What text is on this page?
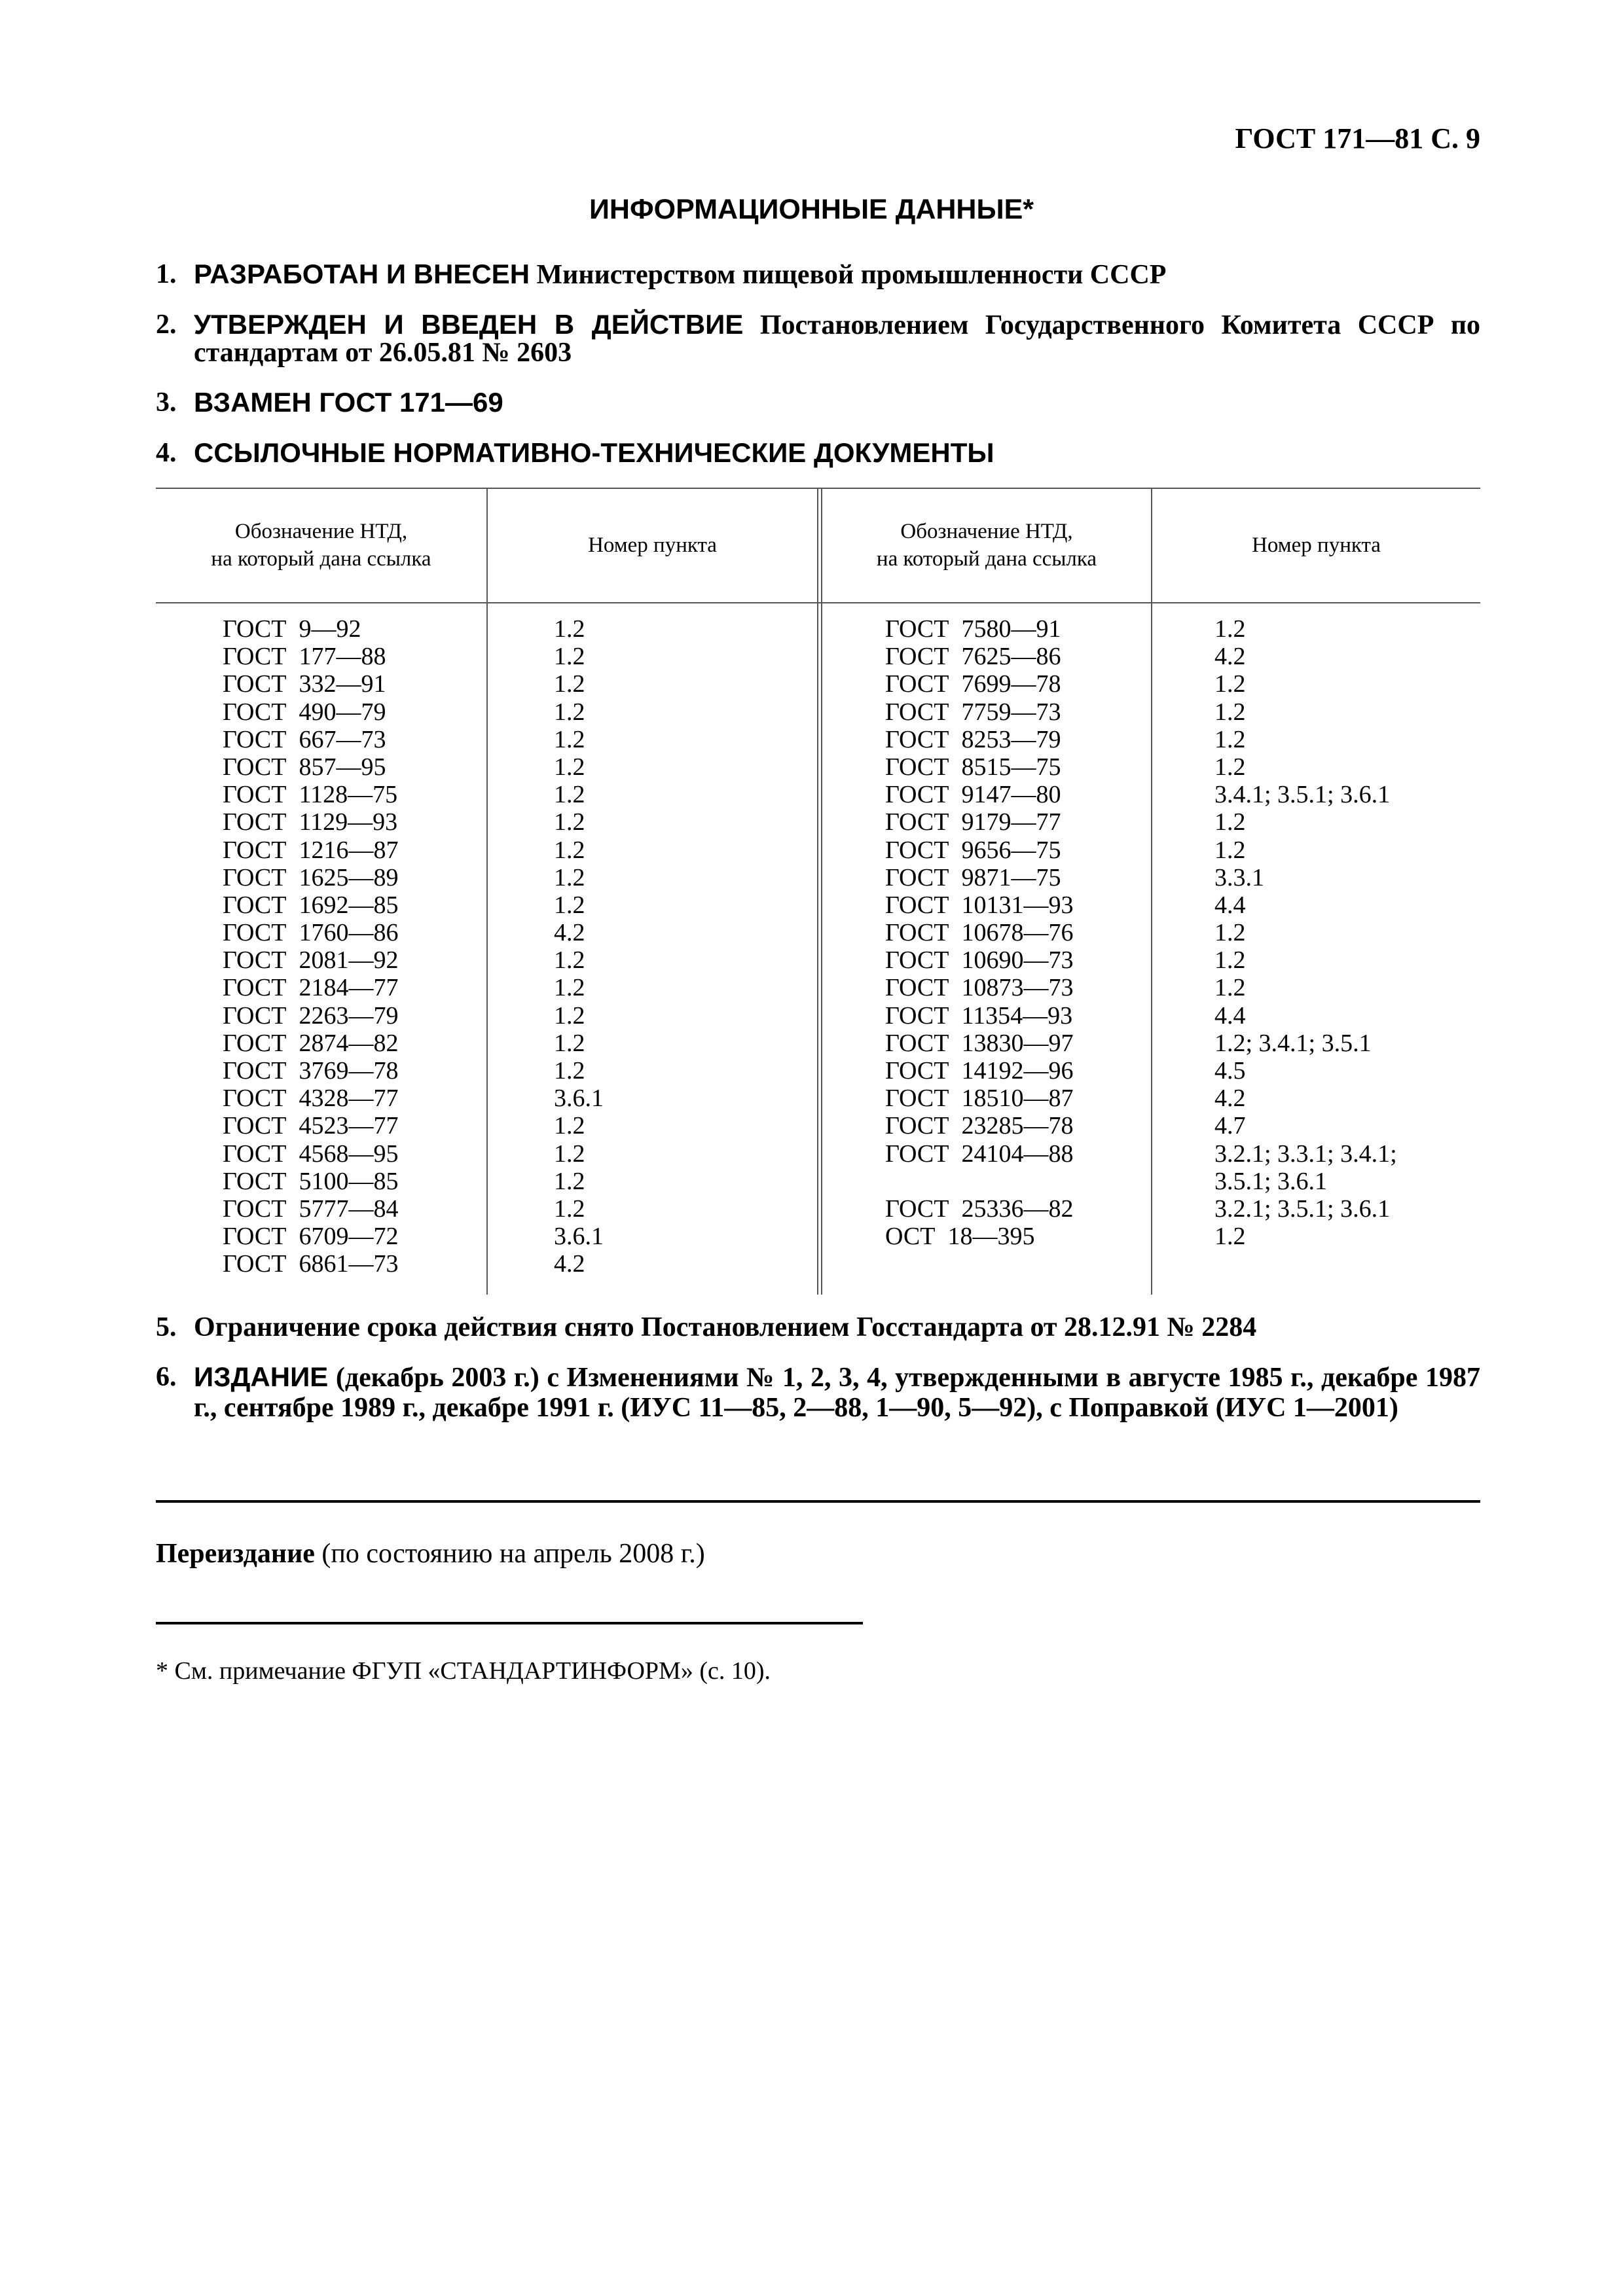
ГОСТ 171—81 С. 9
ИНФОРМАЦИОННЫЕ ДАННЫЕ*
1. РАЗРАБОТАН И ВНЕСЕН Министерством пищевой промышленности СССР
2. УТВЕРЖДЕН И ВВЕДЕН В ДЕЙСТВИЕ Постановлением Государственного Комитета СССР по стандартам от 26.05.81 № 2603
3. ВЗАМЕН ГОСТ 171—69
4. ССЫЛОЧНЫЕ НОРМАТИВНО-ТЕХНИЧЕСКИЕ ДОКУМЕНТЫ
Обозначение НТД,
на который дана ссылка
Номер пункта
Обозначение НТД,
на который дана ссылка
Номер пункта
ГОСТ  9—92
ГОСТ  177—88
ГОСТ  332—91
ГОСТ  490—79
ГОСТ  667—73
ГОСТ  857—95
ГОСТ  1128—75
ГОСТ  1129—93
ГОСТ  1216—87
ГОСТ  1625—89
ГОСТ  1692—85
ГОСТ  1760—86
ГОСТ  2081—92
ГОСТ  2184—77
ГОСТ  2263—79
ГОСТ  2874—82
ГОСТ  3769—78
ГОСТ  4328—77
ГОСТ  4523—77
ГОСТ  4568—95
ГОСТ  5100—85
ГОСТ  5777—84
ГОСТ  6709—72
ГОСТ  6861—73
1.2
1.2
1.2
1.2
1.2
1.2
1.2
1.2
1.2
1.2
1.2
4.2
1.2
1.2
1.2
1.2
1.2
3.6.1
1.2
1.2
1.2
1.2
3.6.1
4.2
ГОСТ  7580—91
ГОСТ  7625—86
ГОСТ  7699—78
ГОСТ  7759—73
ГОСТ  8253—79
ГОСТ  8515—75
ГОСТ  9147—80
ГОСТ  9179—77
ГОСТ  9656—75
ГОСТ  9871—75
ГОСТ  10131—93
ГОСТ  10678—76
ГОСТ  10690—73
ГОСТ  10873—73
ГОСТ  11354—93
ГОСТ  13830—97
ГОСТ  14192—96
ГОСТ  18510—87
ГОСТ  23285—78
ГОСТ  24104—88
ГОСТ  25336—82
ОСТ  18—395
1.2
4.2
1.2
1.2
1.2
1.2
3.4.1; 3.5.1; 3.6.1
1.2
1.2
3.3.1
4.4
1.2
1.2
1.2
4.4
1.2; 3.4.1; 3.5.1
4.5
4.2
4.7
3.2.1; 3.3.1; 3.4.1;
3.5.1; 3.6.1
3.2.1; 3.5.1; 3.6.1
1.2
5. Ограничение срока действия снято Постановлением Госстандарта от 28.12.91 № 2284
6. ИЗДАНИЕ (декабрь 2003 г.) с Изменениями № 1, 2, 3, 4, утвержденными в августе 1985 г., декабре 1987 г., сентябре 1989 г., декабре 1991 г. (ИУС 11—85, 2—88, 1—90, 5—92), с Поправкой (ИУС 1—2001)
Переиздание (по состоянию на апрель 2008 г.)
* См. примечание ФГУП «СТАНДАРТИНФОРМ» (с. 10).
